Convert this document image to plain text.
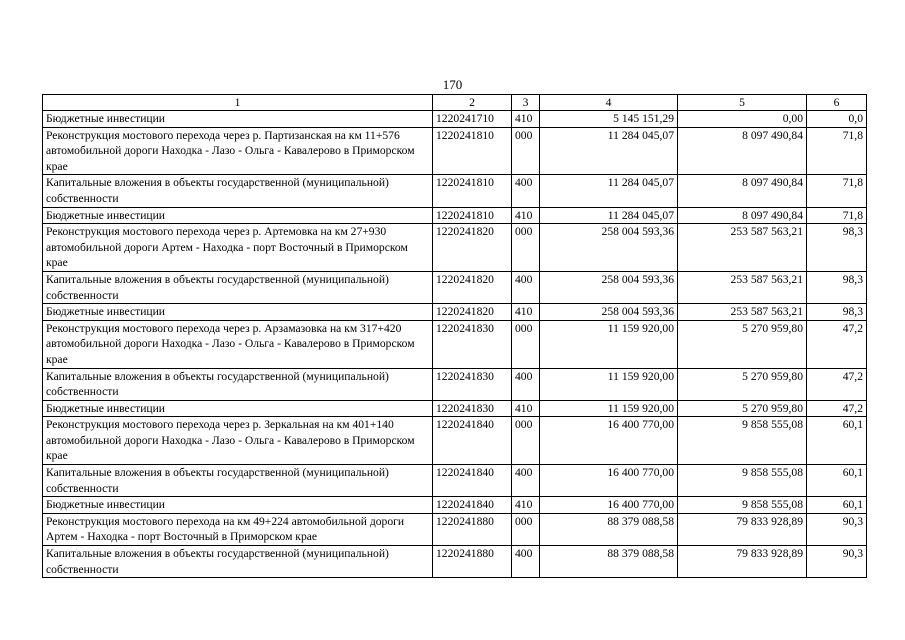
170
1	2	3	4	5	6
Бюджетные инвестиции	1220241710	410	5 145 151,29	0,00	0,0
Реконструкция мостового перехода через р. Партизанская на км 11+576 автомобильной дороги Находка - Лазо - Ольга - Кавалерово в Приморском крае	1220241810	000	11 284 045,07	8 097 490,84	71,8
Капитальные вложения в объекты государственной (муниципальной) собственности	1220241810	400	11 284 045,07	8 097 490,84	71,8
Бюджетные инвестиции	1220241810	410	11 284 045,07	8 097 490,84	71,8
Реконструкция мостового перехода через р. Артемовка на км 27+930 автомобильной дороги Артем - Находка - порт Восточный в Приморском крае	1220241820	000	258 004 593,36	253 587 563,21	98,3
Капитальные вложения в объекты государственной (муниципальной) собственности	1220241820	400	258 004 593,36	253 587 563,21	98,3
Бюджетные инвестиции	1220241820	410	258 004 593,36	253 587 563,21	98,3
Реконструкция мостового перехода через р. Арзамазовка на км 317+420 автомобильной дороги Находка - Лазо - Ольга - Кавалерово в Приморском крае	1220241830	000	11 159 920,00	5 270 959,80	47,2
Капитальные вложения в объекты государственной (муниципальной) собственности	1220241830	400	11 159 920,00	5 270 959,80	47,2
Бюджетные инвестиции	1220241830	410	11 159 920,00	5 270 959,80	47,2
Реконструкция мостового перехода через р. Зеркальная на км 401+140 автомобильной дороги Находка - Лазо - Ольга - Кавалерово в Приморском крае	1220241840	000	16 400 770,00	9 858 555,08	60,1
Капитальные вложения в объекты государственной (муниципальной) собственности	1220241840	400	16 400 770,00	9 858 555,08	60,1
Бюджетные инвестиции	1220241840	410	16 400 770,00	9 858 555,08	60,1
Реконструкция мостового перехода на км 49+224 автомобильной дороги Артем - Находка - порт Восточный в Приморском крае	1220241880	000	88 379 088,58	79 833 928,89	90,3
Капитальные вложения в объекты государственной (муниципальной) собственности	1220241880	400	88 379 088,58	79 833 928,89	90,3
